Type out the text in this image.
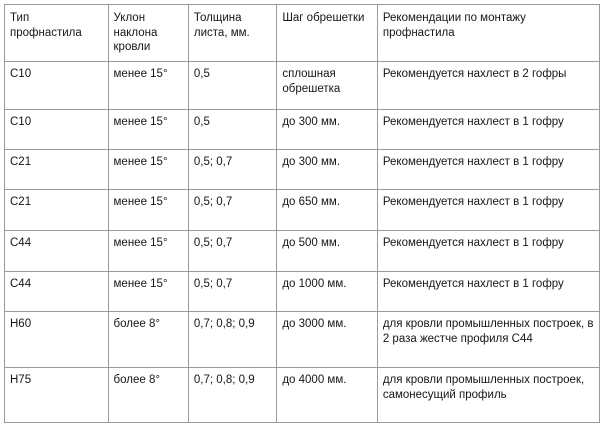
Тип профнастила	Уклон наклона кровли	Толщина листа, мм.	Шаг обрешетки	Рекомендации по монтажу профнастила
С10	менее 15°	0,5	сплошная обрешетка	Рекомендуется нахлест в 2 гофры
С10	менее 15°	0,5	до 300 мм.	Рекомендуется нахлест в 1 гофру
С21	менее 15°	0,5; 0,7	до 300 мм.	Рекомендуется нахлест в 1 гофру
С21	менее 15°	0,5; 0,7	до 650 мм.	Рекомендуется нахлест в 1 гофру
С44	менее 15°	0,5; 0,7	до 500 мм.	Рекомендуется нахлест в 1 гофру
С44	менее 15°	0,5; 0,7	до 1000 мм.	Рекомендуется нахлест в 1 гофру
Н60	более 8°	0,7; 0,8; 0,9	до 3000 мм.	для кровли промышленных построек, в 2 раза жестче профиля С44
Н75	более 8°	0,7; 0,8; 0,9	до 4000 мм.	для кровли промышленных построек, самонесущий профиль
